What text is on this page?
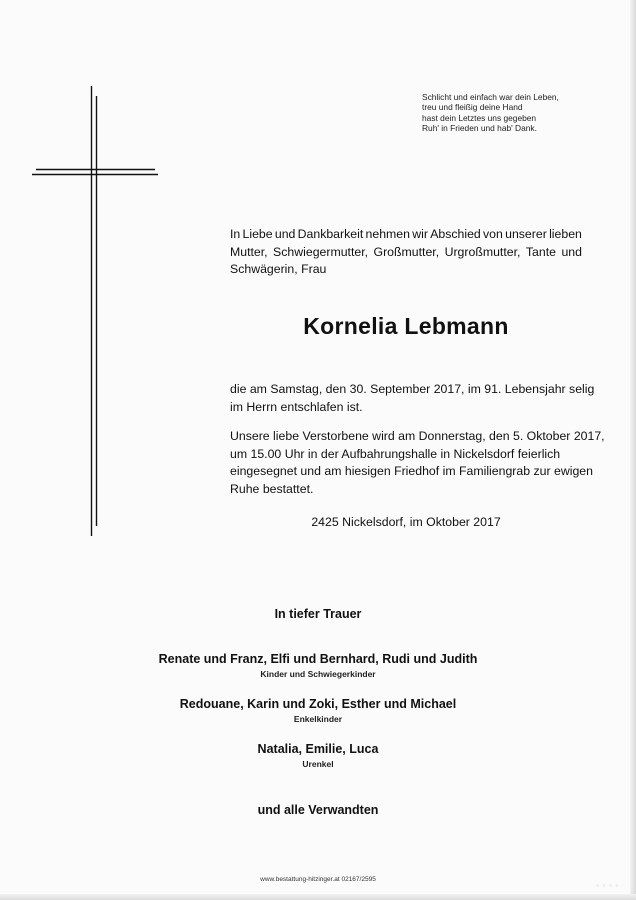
Schlicht und einfach war dein Leben,
treu und fleißig deine Hand
hast dein Letztes uns gegeben
Ruh' in Frieden und hab' Dank.
In Liebe und Dankbarkeit nehmen wir Abschied von unserer lieben
Mutter, Schwiegermutter, Großmutter, Urgroßmutter, Tante und
Schwägerin, Frau
Kornelia Lebmann
die am Samstag, den 30. September 2017, im 91. Lebensjahr selig
im Herrn entschlafen ist.
Unsere liebe Verstorbene wird am Donnerstag, den 5. Oktober 2017,
um 15.00 Uhr in der Aufbahrungshalle in Nickelsdorf feierlich
eingesegnet und am hiesigen Friedhof im Familiengrab zur ewigen
Ruhe bestattet.
2425 Nickelsdorf, im Oktober 2017
In tiefer Trauer
Renate und Franz, Elfi und Bernhard, Rudi und Judith
Kinder und Schwiegerkinder
Redouane, Karin und Zoki, Esther und Michael
Enkelkinder
Natalia, Emilie, Luca
Urenkel
und alle Verwandten
www.bestattung-hitzinger.at 02167/2595
○ ○ ○ ○
